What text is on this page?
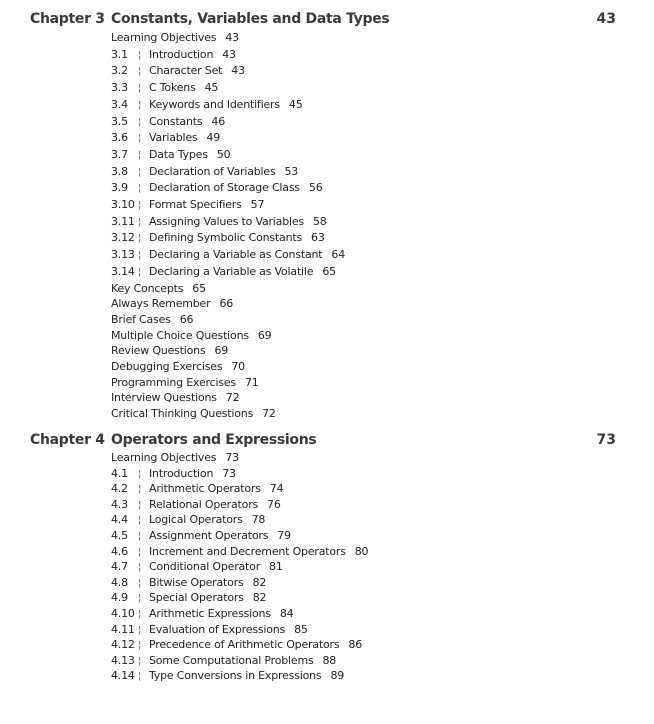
Chapter 3 Constants, Variables and Data Types	43
Learning Objectives 43
3.1 ¦ Introduction 43
3.2 ¦ Character Set 43
3.3 ¦ C Tokens 45
3.4 ¦ Keywords and Identifiers 45
3.5 ¦ Constants 46
3.6 ¦ Variables 49
3.7 ¦ Data Types 50
3.8 ¦ Declaration of Variables 53
3.9 ¦ Declaration of Storage Class 56
3.10 ¦ Format Specifiers 57
3.11 ¦ Assigning Values to Variables 58
3.12 ¦ Defining Symbolic Constants 63
3.13 ¦ Declaring a Variable as Constant 64
3.14 ¦ Declaring a Variable as Volatile 65
Key Concepts 65
Always Remember 66
Brief Cases 66
Multiple Choice Questions 69
Review Questions 69
Debugging Exercises 70
Programming Exercises 71
Interview Questions 72
Critical Thinking Questions 72
Chapter 4 Operators and Expressions	73
Learning Objectives 73
4.1 ¦ Introduction 73
4.2 ¦ Arithmetic Operators 74
4.3 ¦ Relational Operators 76
4.4 ¦ Logical Operators 78
4.5 ¦ Assignment Operators 79
4.6 ¦ Increment and Decrement Operators 80
4.7 ¦ Conditional Operator 81
4.8 ¦ Bitwise Operators 82
4.9 ¦ Special Operators 82
4.10 ¦ Arithmetic Expressions 84
4.11 ¦ Evaluation of Expressions 85
4.12 ¦ Precedence of Arithmetic Operators 86
4.13 ¦ Some Computational Problems 88
4.14 ¦ Type Conversions in Expressions 89
